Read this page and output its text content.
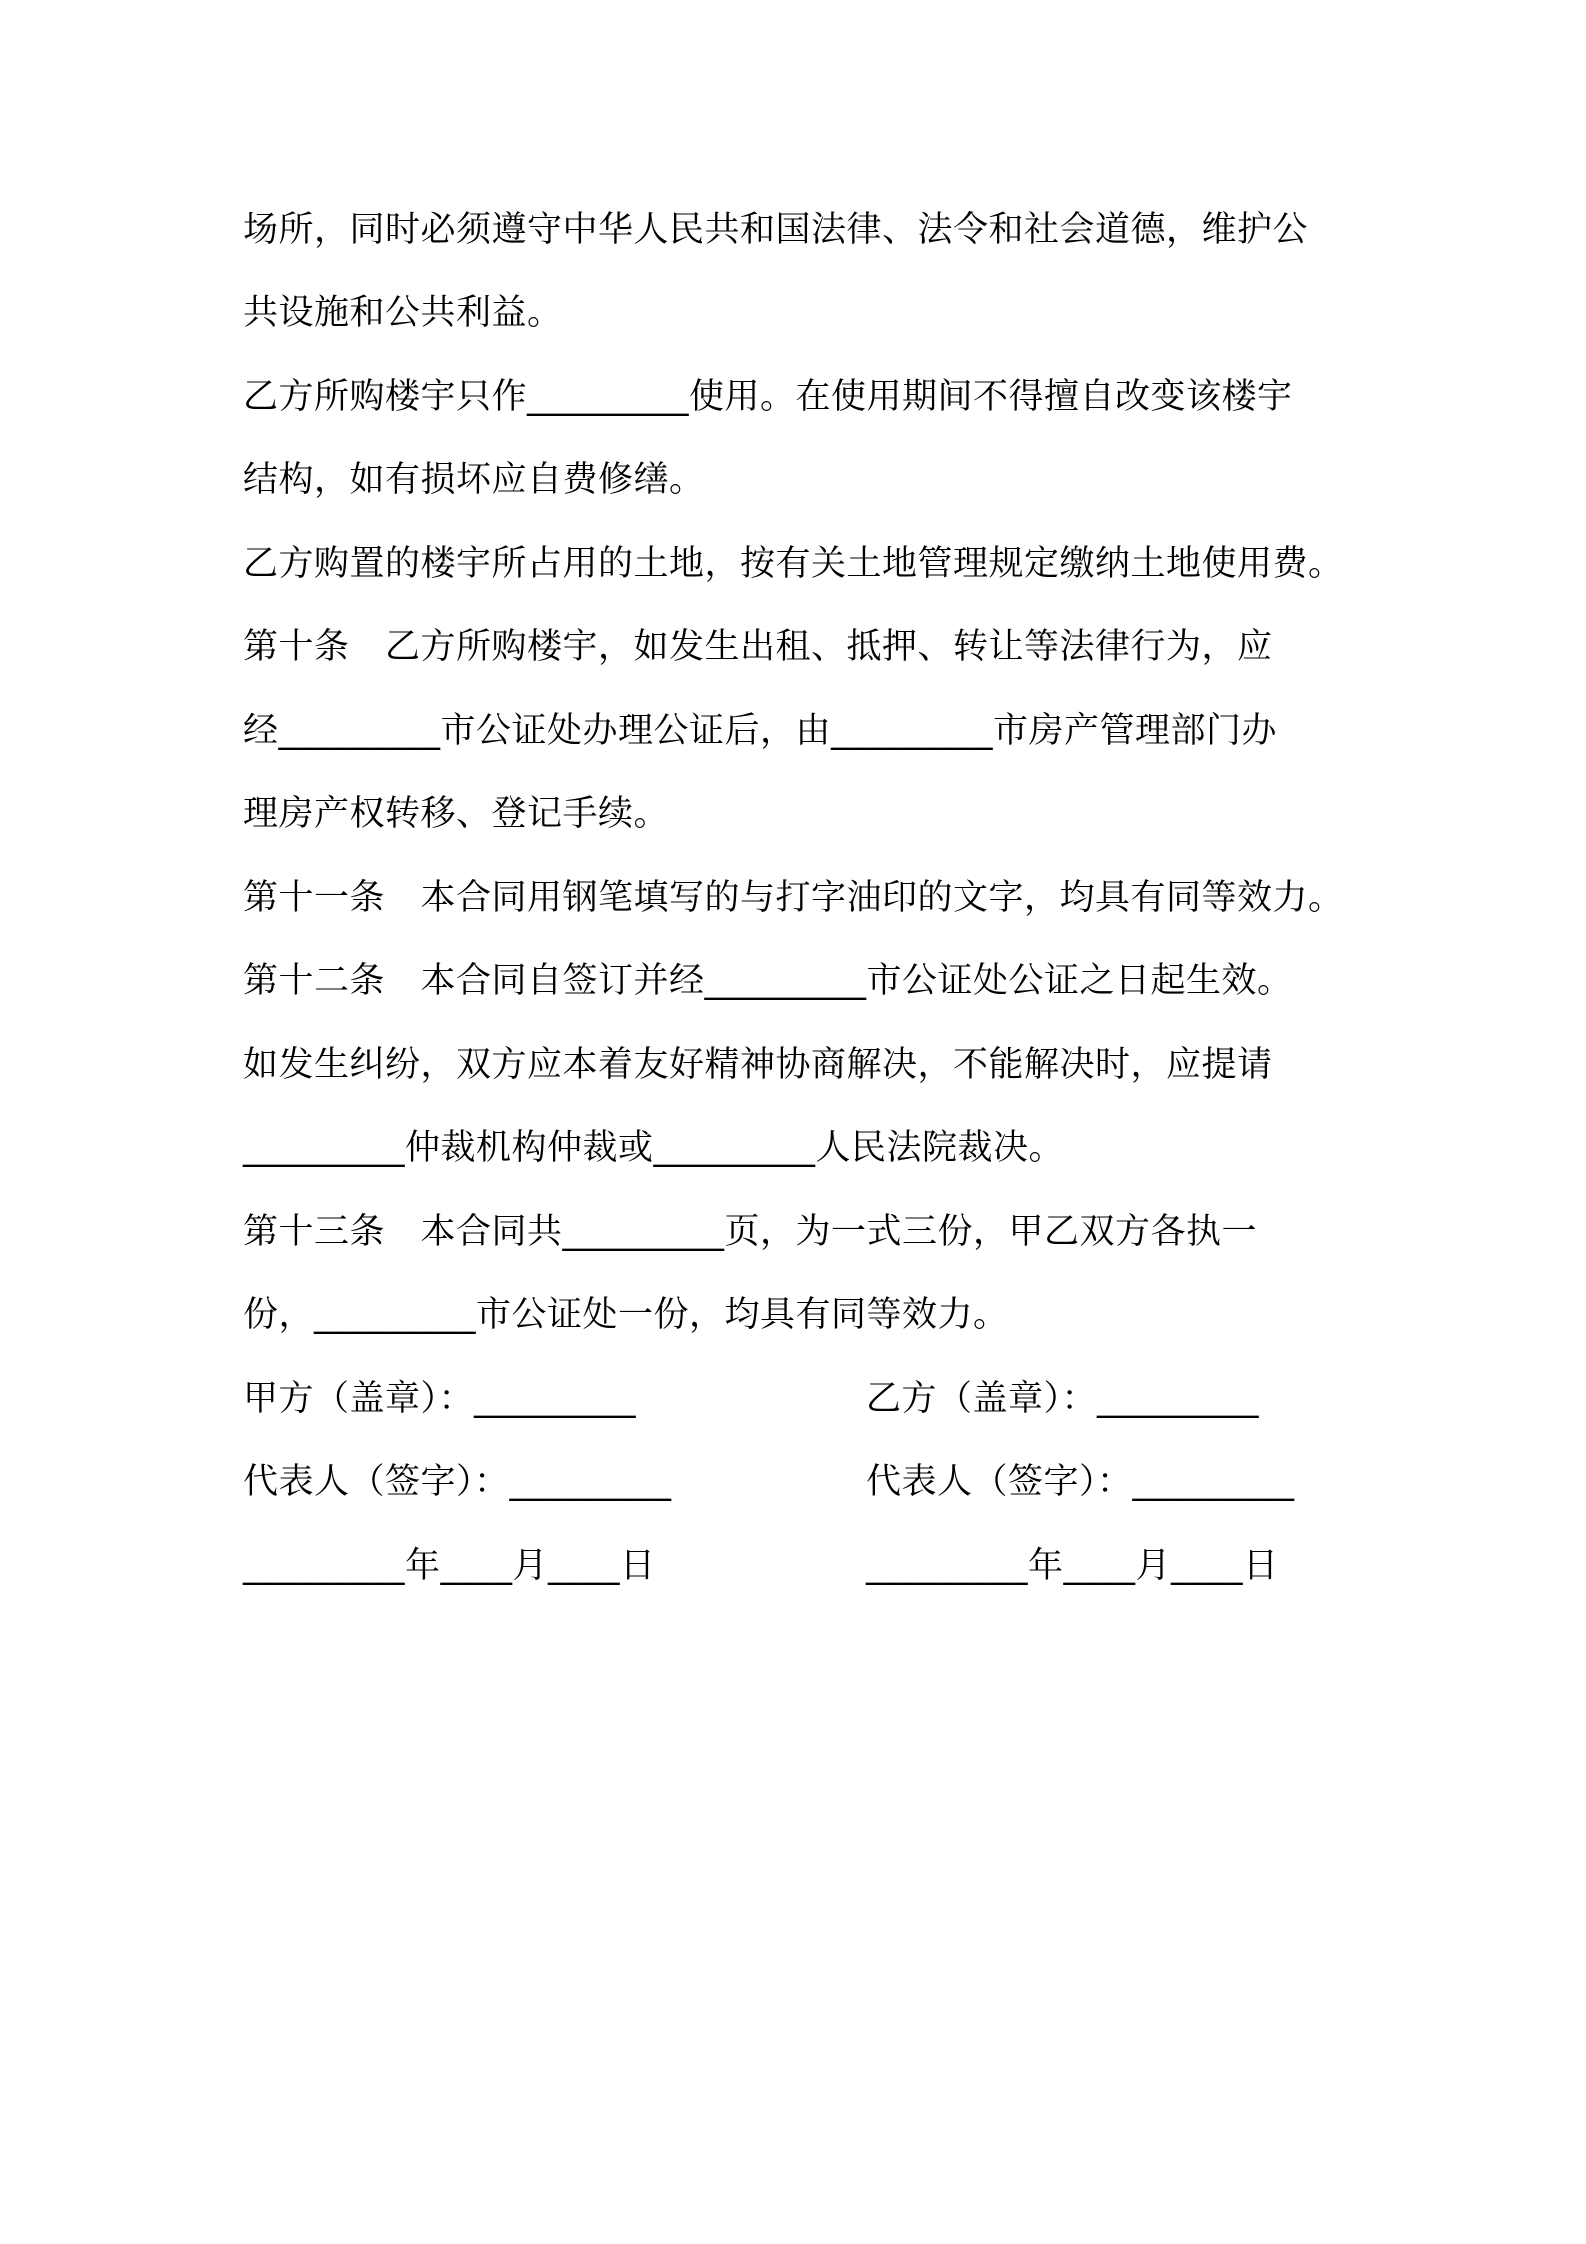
场所，同时必须遵守中华人民共和国法律、法令和社会道德，维护公
共设施和公共利益。
乙方所购楼宇只作_________使用。在使用期间不得擅自改变该楼宇
结构，如有损坏应自费修缮。
乙方购置的楼宇所占用的土地，按有关土地管理规定缴纳土地使用费。
第十条　乙方所购楼宇，如发生出租、抵押、转让等法律行为，应
经_________市公证处办理公证后，由_________市房产管理部门办
理房产权转移、登记手续。
第十一条　本合同用钢笔填写的与打字油印的文字，均具有同等效力。
第十二条　本合同自签订并经_________市公证处公证之日起生效。
如发生纠纷，双方应本着友好精神协商解决，不能解决时，应提请
_________仲裁机构仲裁或_________人民法院裁决。
第十三条　本合同共_________页，为一式三份，甲乙双方各执一
份，_________市公证处一份，均具有同等效力。
甲方（盖章）：_________	乙方（盖章）：_________
代表人（签字）：_________	代表人（签字）：_________
_________年____月____日	_________年____月____日
